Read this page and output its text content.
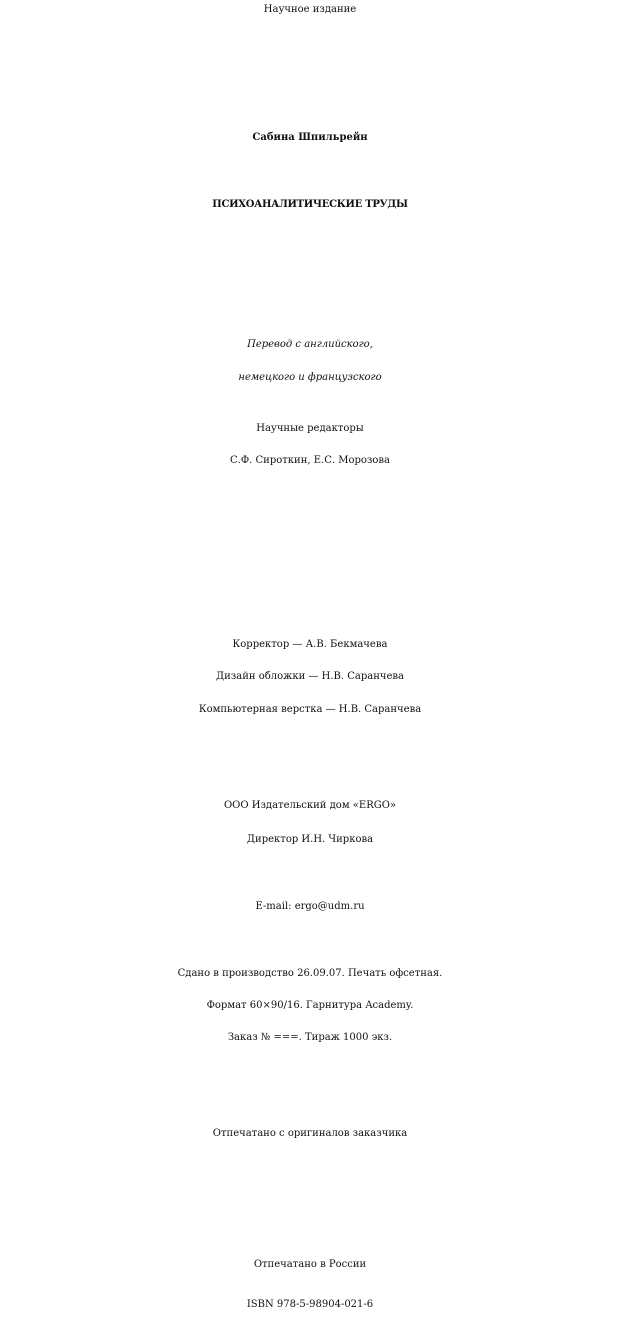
Научное издание
Сабина Шпильрейн
ПСИХОАНАЛИТИЧЕСКИЕ ТРУДЫ
Перевод с английского,
немецкого и французского
Научные редакторы
С.Ф. Сироткин, Е.С. Морозова
Корректор — А.В. Бекмачева
Дизайн обложки — Н.В. Саранчева
Компьютерная верстка — Н.В. Саранчева
ООО Издательский дом «ERGO»
Директор И.Н. Чиркова
E-mail: ergo@udm.ru
Сдано в производство 26.09.07. Печать офсетная.
Формат 60×90/16. Гарнитура Academy.
Заказ № ===. Тираж 1000 экз.
Отпечатано с оригиналов заказчика
Отпечатано в России
ISBN 978-5-98904-021-6
